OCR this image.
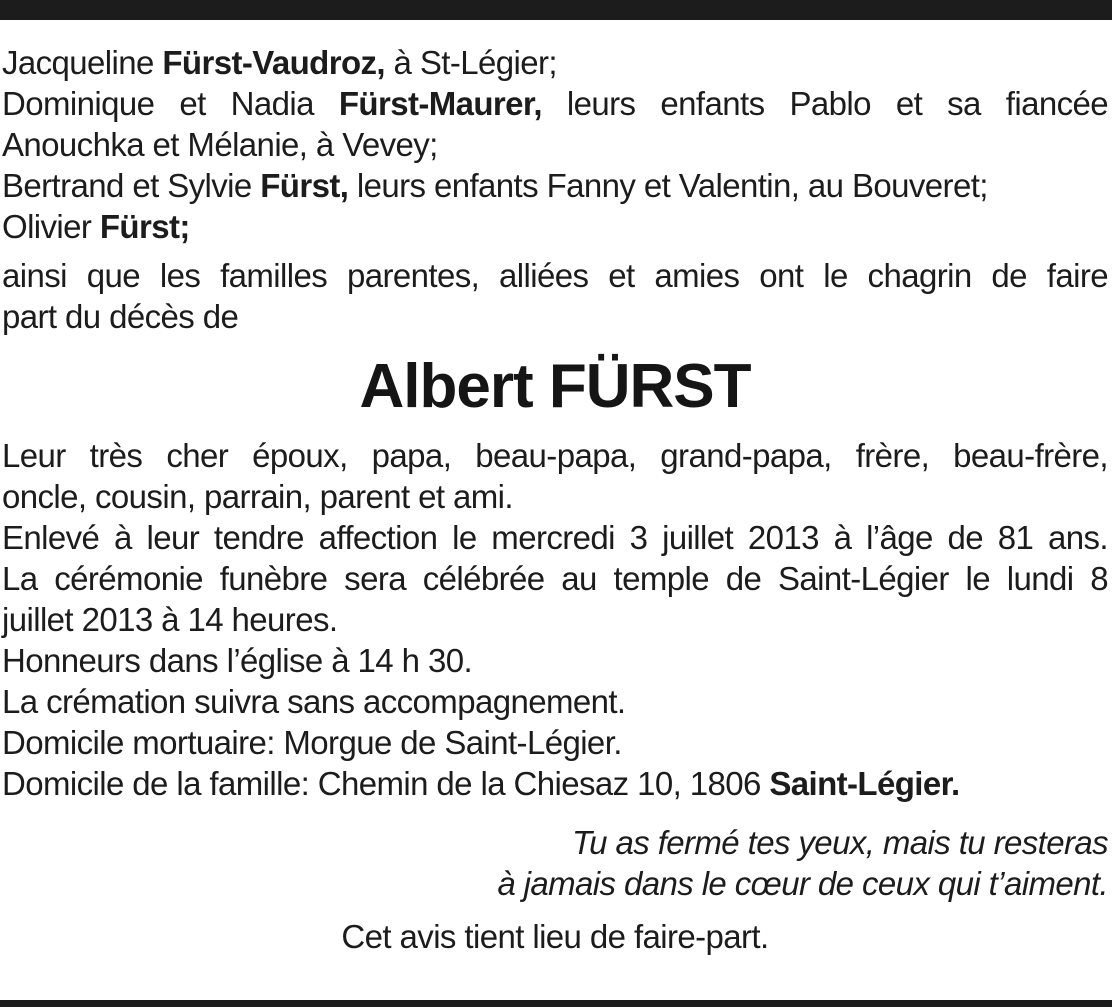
Jacqueline Fürst-Vaudroz, à St-Légier;
Dominique et Nadia Fürst-Maurer, leurs enfants Pablo et sa fiancée
Anouchka et Mélanie, à Vevey;
Bertrand et Sylvie Fürst, leurs enfants Fanny et Valentin, au Bouveret;
Olivier Fürst;
ainsi que les familles parentes, alliées et amies ont le chagrin de faire
part du décès de
Albert FÜRST
Leur très cher époux, papa, beau-papa, grand-papa, frère, beau-frère,
oncle, cousin, parrain, parent et ami.
Enlevé à leur tendre affection le mercredi 3 juillet 2013 à l’âge de 81 ans.
La cérémonie funèbre sera célébrée au temple de Saint-Légier le lundi 8
juillet 2013 à 14 heures.
Honneurs dans l’église à 14 h 30.
La crémation suivra sans accompagnement.
Domicile mortuaire: Morgue de Saint-Légier.
Domicile de la famille: Chemin de la Chiesaz 10, 1806 Saint-Légier.
Tu as fermé tes yeux, mais tu resteras
à jamais dans le cœur de ceux qui t’aiment.
Cet avis tient lieu de faire-part.
